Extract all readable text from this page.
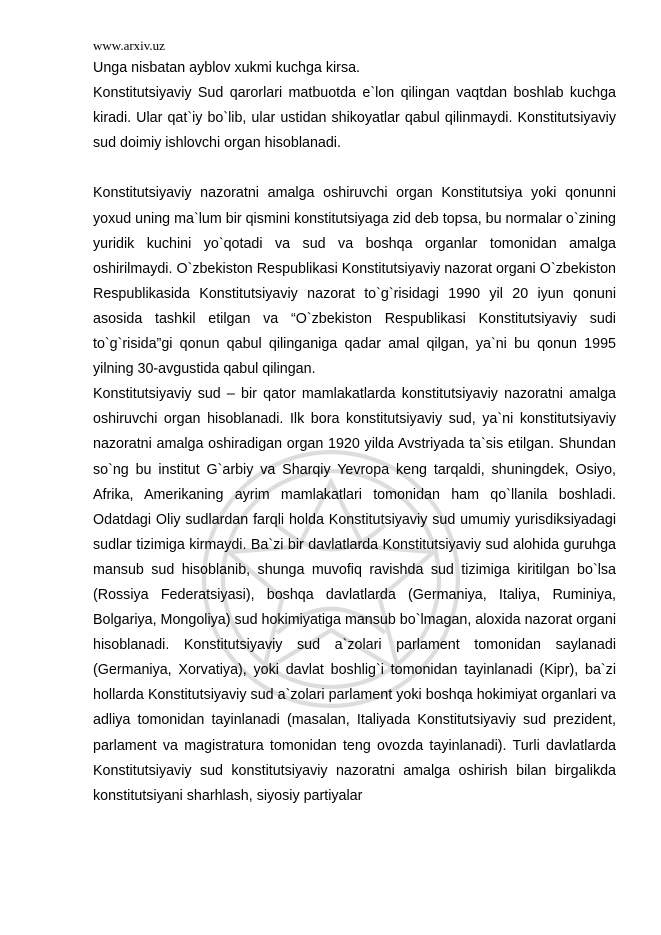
www.arxiv.uz

Unga nisbatan ayblov xukmi kuchga kirsa.

Konstitutsiyaviy Sud qarorlari matbuotda e`lon qilingan vaqtdan boshlab kuchga kiradi. Ular qat`iy bo`lib, ular ustidan shikoyatlar qabul qilinmaydi. Konstitutsiyaviy sud doimiy ishlovchi organ hisoblanadi.

Konstitutsiyaviy nazoratni amalga oshiruvchi organ Konstitutsiya yoki qonunni yoxud uning ma`lum bir qismini konstitutsiyaga zid deb topsa, bu normalar o`zining yuridik kuchini yo`qotadi va sud va boshqa organlar tomonidan amalga oshirilmaydi. O`zbekiston Respublikasi Konstitutsiyaviy nazorat organi O`zbekiston Respublikasida Konstitutsiyaviy nazorat to`g`risidagi 1990 yil 20 iyun qonuni asosida tashkil etilgan va “O`zbekiston Respublikasi Konstitutsiyaviy sudi to`g`risida”gi qonun qabul qilinganiga qadar amal qilgan, ya`ni bu qonun 1995 yilning 30-avgustida qabul qilingan.

Konstitutsiyaviy sud – bir qator mamlakatlarda konstitutsiyaviy nazoratni amalga oshiruvchi organ hisoblanadi. Ilk bora konstitutsiyaviy sud, ya`ni konstitutsiyaviy nazoratni amalga oshiradigan organ 1920 yilda Avstriyada ta`sis etilgan. Shundan so`ng bu institut G`arbiy va Sharqiy Yevropa keng tarqaldi, shuningdek, Osiyo, Afrika, Amerikaning ayrim mamlakatlari tomonidan ham qo`llanila boshladi. Odatdagi Oliy sudlardan farqli holda Konstitutsiyaviy sud umumiy yurisdiksiyadagi sudlar tizimiga kirmaydi. Ba`zi bir davlatlarda Konstitutsiyaviy sud alohida guruhga mansub sud hisoblanib, shunga muvofiq ravishda sud tizimiga kiritilgan bo`lsa (Rossiya Federatsiyasi), boshqa davlatlarda (Germaniya, Italiya, Ruminiya, Bolgariya, Mongoliya) sud hokimiyatiga mansub bo`lmagan, aloxida nazorat organi hisoblanadi. Konstitutsiyaviy sud a`zolari parlament tomonidan saylanadi (Germaniya, Xorvatiya), yoki davlat boshlig`i tomonidan tayinlanadi (Kipr), ba`zi hollarda Konstitutsiyaviy sud a`zolari parlament yoki boshqa hokimiyat organlari va adliya tomonidan tayinlanadi (masalan, Italiyada Konstitutsiyaviy sud prezident, parlament va magistratura tomonidan teng ovozda tayinlanadi). Turli davlatlarda Konstitutsiyaviy sud konstitutsiyaviy nazoratni amalga oshirish bilan birgalikda konstitutsiyani sharhlash, siyosiy partiyalar
